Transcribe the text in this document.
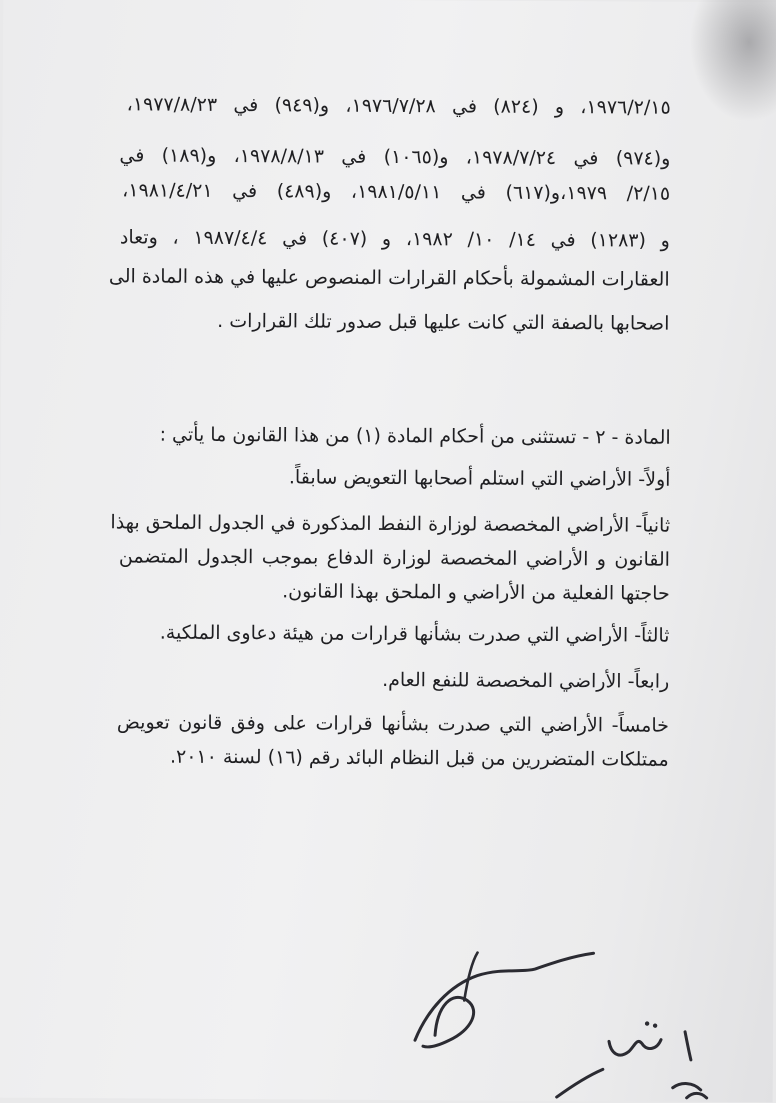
١٩٧٦/٢/١٥، و (٨٢٤) في ١٩٧٦/٧/٢٨، و(٩٤٩) في ١٩٧٧/٨/٢٣،
و(٩٧٤) في ١٩٧٨/٧/٢٤، و(١٠٦٥) في ١٩٧٨/٨/١٣، و(١٨٩) في
٢/١٥/ ١٩٧٩،و(٦١٧) في ١٩٨١/٥/١١، و(٤٨٩) في ١٩٨١/٤/٢١،
و (١٢٨٣) في ١٤/ ١٠/ ١٩٨٢، و (٤٠٧) في ١٩٨٧/٤/٤ ، وتعاد
العقارات المشمولة بأحكام القرارات المنصوص عليها في هذه المادة الى
اصحابها بالصفة التي كانت عليها قبل صدور تلك القرارات .
المادة - ٢ - تستثنى من أحكام المادة (١) من هذا القانون ما يأتي :
أولاً- الأراضي التي استلم أصحابها التعويض سابقاً.
ثانياً- الأراضي المخصصة لوزارة النفط المذكورة في الجدول الملحق بهذا
القانون و الأراضي المخصصة لوزارة الدفاع بموجب الجدول المتضمن
حاجتها الفعلية من الأراضي و الملحق بهذا القانون.
ثالثاً- الأراضي التي صدرت بشأنها قرارات من هيئة دعاوى الملكية.
رابعاً- الأراضي المخصصة للنفع العام.
خامساً- الأراضي التي صدرت بشأنها قرارات على وفق قانون تعويض
ممتلكات المتضررين من قبل النظام البائد رقم (١٦) لسنة ٢٠١٠.
